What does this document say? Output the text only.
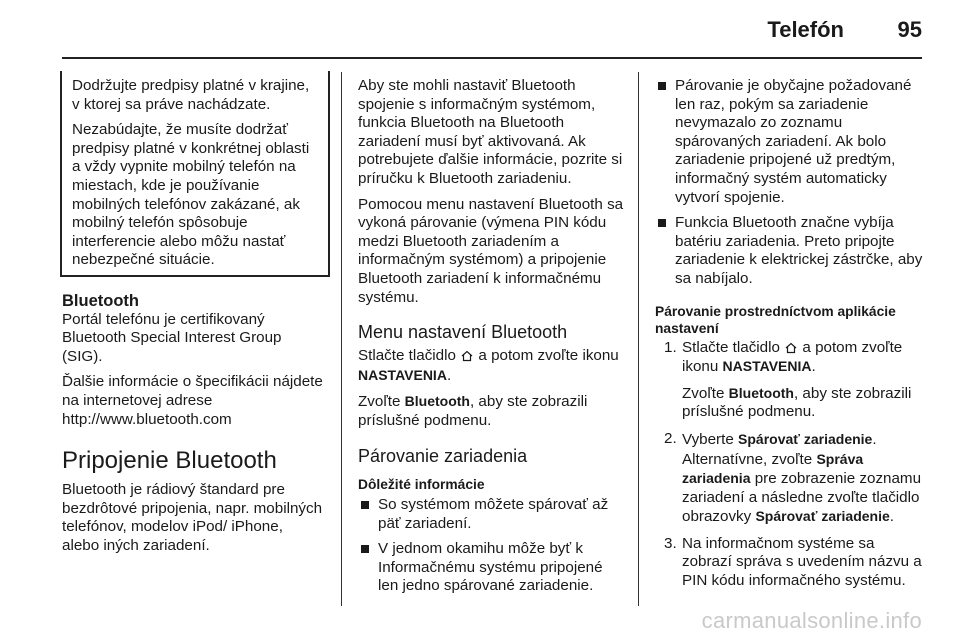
Telefón 95

Dodržujte predpisy platné v krajine, v ktorej sa práve nachádzate.

Nezabúdajte, že musíte dodržať predpisy platné v konkrétnej oblasti a vždy vypnite mobilný telefón na miestach, kde je používanie mobilných telefónov zakázané, ak mobilný telefón spôsobuje interferencie alebo môžu nastať nebezpečné situácie.

Bluetooth

Portál telefónu je certifikovaný Bluetooth Special Interest Group (SIG).

Ďalšie informácie o špecifikácii nájdete na internetovej adrese http://www.bluetooth.com

Pripojenie Bluetooth

Bluetooth je rádiový štandard pre bezdrôtové pripojenia, napr. mobilných telefónov, modelov iPod/ iPhone, alebo iných zariadení.

Aby ste mohli nastaviť Bluetooth spojenie s informačným systémom, funkcia Bluetooth na Bluetooth zariadení musí byť aktivovaná. Ak potrebujete ďalšie informácie, pozrite si príručku k Bluetooth zariadeniu.

Pomocou menu nastavení Bluetooth sa vykoná párovanie (výmena PIN kódu medzi Bluetooth zariadením a informačným systémom) a pripojenie Bluetooth zariadení k informačnému systému.

Menu nastavení Bluetooth

Stlačte tlačidlo a potom zvoľte ikonu NASTAVENIA.

Zvoľte Bluetooth, aby ste zobrazili príslušné podmenu.

Párovanie zariadenia
Dôležité informácie
So systémom môžete spárovať až päť zariadení.
V jednom okamihu môže byť k Informačnému systému pripojené len jedno spárované zariadenie.
Párovanie je obyčajne požadované len raz, pokým sa zariadenie nevymazalo zo zoznamu spárovaných zariadení. Ak bolo zariadenie pripojené už predtým, informačný systém automaticky vytvorí spojenie.
Funkcia Bluetooth značne vybíja batériu zariadenia. Preto pripojte zariadenie k elektrickej zástrčke, aby sa nabíjalo.
Párovanie prostredníctvom aplikácie nastavení
1. Stlačte tlačidlo a potom zvoľte ikonu NASTAVENIA.
Zvoľte Bluetooth, aby ste zobrazili príslušné podmenu.
2. Vyberte Spárovať zariadenie. Alternatívne, zvoľte Správa zariadenia pre zobrazenie zoznamu zariadení a následne zvoľte tlačidlo obrazovky Spárovať zariadenie.
3. Na informačnom systéme sa zobrazí správa s uvedením názvu a PIN kódu informačného systému.
carmanualsonline.info
